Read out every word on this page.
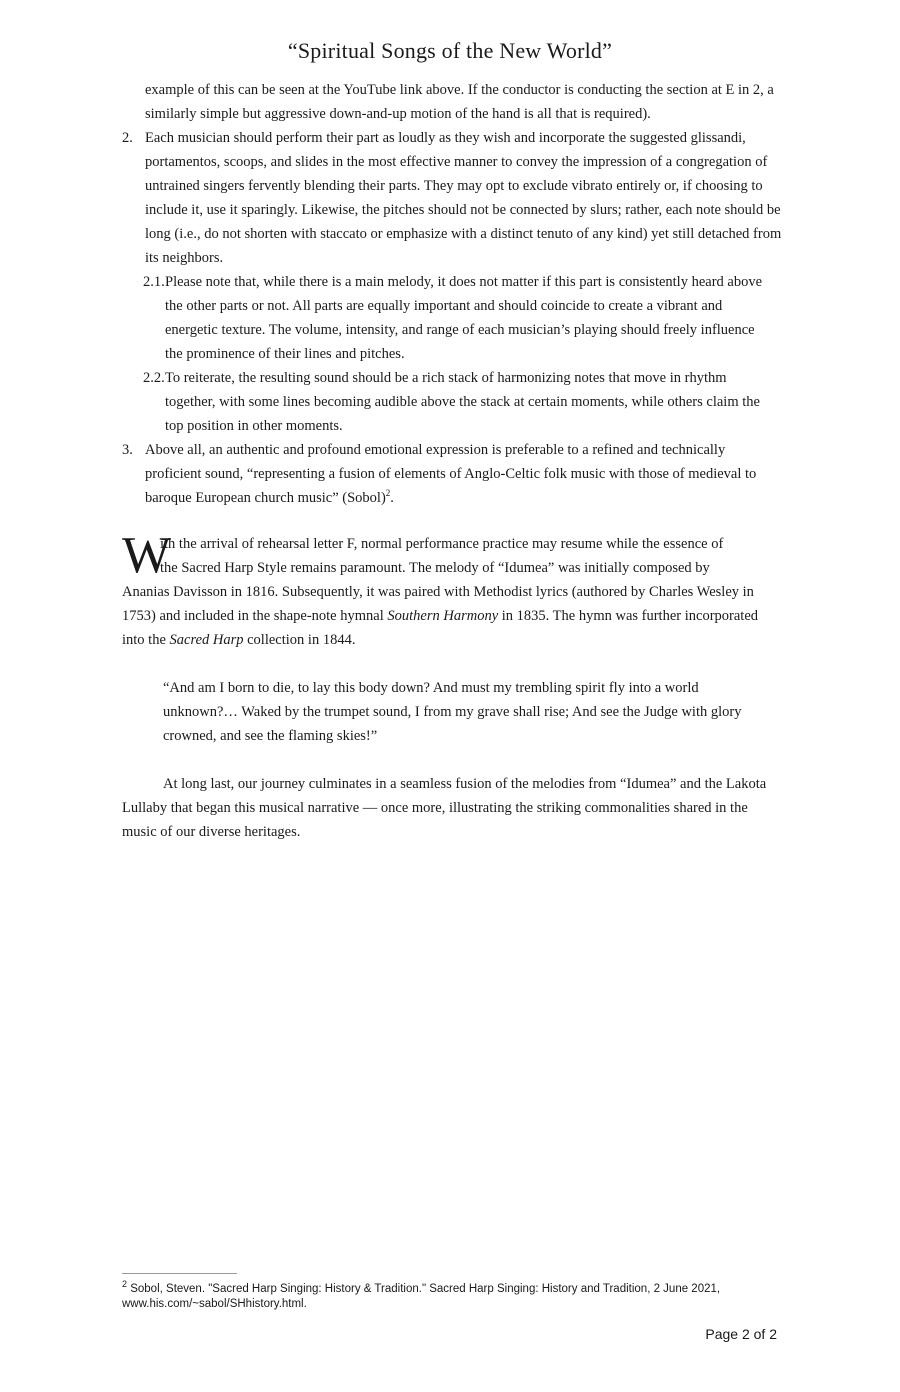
“Spiritual Songs of the New World”
example of this can be seen at the YouTube link above. If the conductor is conducting the section at E in 2, a similarly simple but aggressive down-and-up motion of the hand is all that is required).
2. Each musician should perform their part as loudly as they wish and incorporate the suggested glissandi, portamentos, scoops, and slides in the most effective manner to convey the impression of a congregation of untrained singers fervently blending their parts. They may opt to exclude vibrato entirely or, if choosing to include it, use it sparingly. Likewise, the pitches should not be connected by slurs; rather, each note should be long (i.e., do not shorten with staccato or emphasize with a distinct tenuto of any kind) yet still detached from its neighbors.
2.1. Please note that, while there is a main melody, it does not matter if this part is consistently heard above the other parts or not. All parts are equally important and should coincide to create a vibrant and energetic texture. The volume, intensity, and range of each musician’s playing should freely influence the prominence of their lines and pitches.
2.2. To reiterate, the resulting sound should be a rich stack of harmonizing notes that move in rhythm together, with some lines becoming audible above the stack at certain moments, while others claim the top position in other moments.
3. Above all, an authentic and profound emotional expression is preferable to a refined and technically proficient sound, “representing a fusion of elements of Anglo-Celtic folk music with those of medieval to baroque European church music” (Sobol)$^2$.
W
ith the arrival of rehearsal letter F, normal performance practice may resume while the essence of
the Sacred Harp Style remains paramount. The melody of “Idumea” was initially composed by
Ananias Davisson in 1816. Subsequently, it was paired with Methodist lyrics (authored by Charles Wesley in 1753) and included in the shape-note hymnal Southern Harmony in 1835. The hymn was further incorporated into the Sacred Harp collection in 1844.
“And am I born to die, to lay this body down? And must my trembling spirit fly into a world unknown?… Waked by the trumpet sound, I from my grave shall rise; And see the Judge with glory crowned, and see the flaming skies!”
At long last, our journey culminates in a seamless fusion of the melodies from “Idumea” and the Lakota Lullaby that began this musical narrative — once more, illustrating the striking commonalities shared in the music of our diverse heritages.
$^2$ Sobol, Steven. "Sacred Harp Singing: History & Tradition." Sacred Harp Singing: History and Tradition, 2 June 2021, www.his.com/~sabol/SHhistory.html.
Page 2 of 2
